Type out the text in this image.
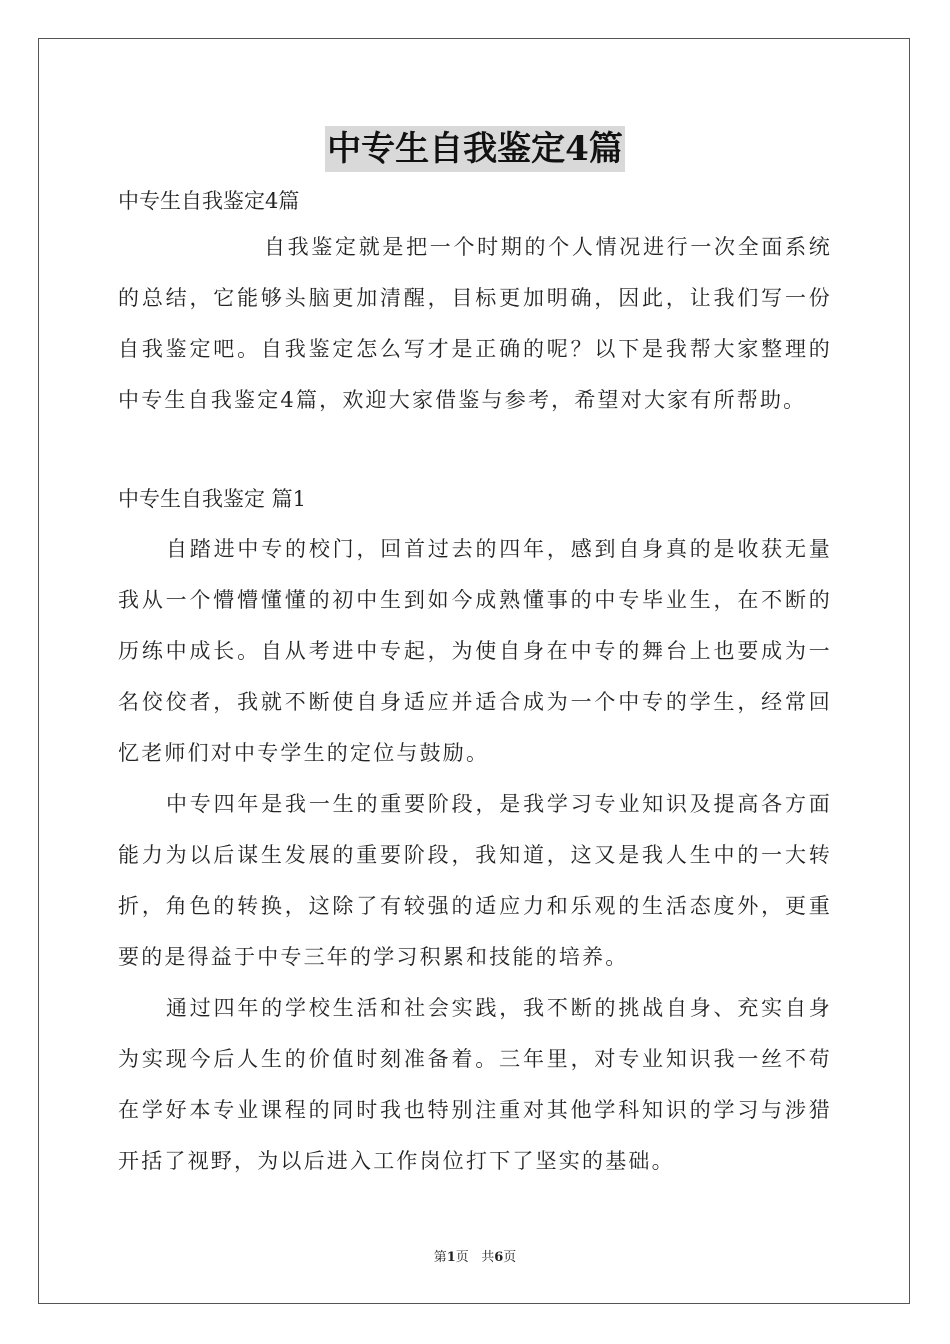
中专生自我鉴定4篇
中专生自我鉴定4篇

自我鉴定就是把一个时期的个人情况进行一次全面系统的总结，它能够头脑更加清醒，目标更加明确，因此，让我们写一份自我鉴定吧。自我鉴定怎么写才是正确的呢？以下是我帮大家整理的中专生自我鉴定4篇，欢迎大家借鉴与参考，希望对大家有所帮助。

中专生自我鉴定 篇1

自踏进中专的校门，回首过去的四年，感到自身真的是收获无量我从一个懵懵懂懂的初中生到如今成熟懂事的中专毕业生，在不断的历练中成长。自从考进中专起，为使自身在中专的舞台上也要成为一名佼佼者，我就不断使自身适应并适合成为一个中专的学生，经常回忆老师们对中专学生的定位与鼓励。

中专四年是我一生的重要阶段，是我学习专业知识及提高各方面能力为以后谋生发展的重要阶段，我知道，这又是我人生中的一大转折，角色的转换，这除了有较强的适应力和乐观的生活态度外，更重要的是得益于中专三年的学习积累和技能的培养。

通过四年的学校生活和社会实践，我不断的挑战自身、充实自身为实现今后人生的价值时刻准备着。三年里，对专业知识我一丝不苟在学好本专业课程的同时我也特别注重对其他学科知识的学习与涉猎开括了视野，为以后进入工作岗位打下了坚实的基础。

第1页 共6页
